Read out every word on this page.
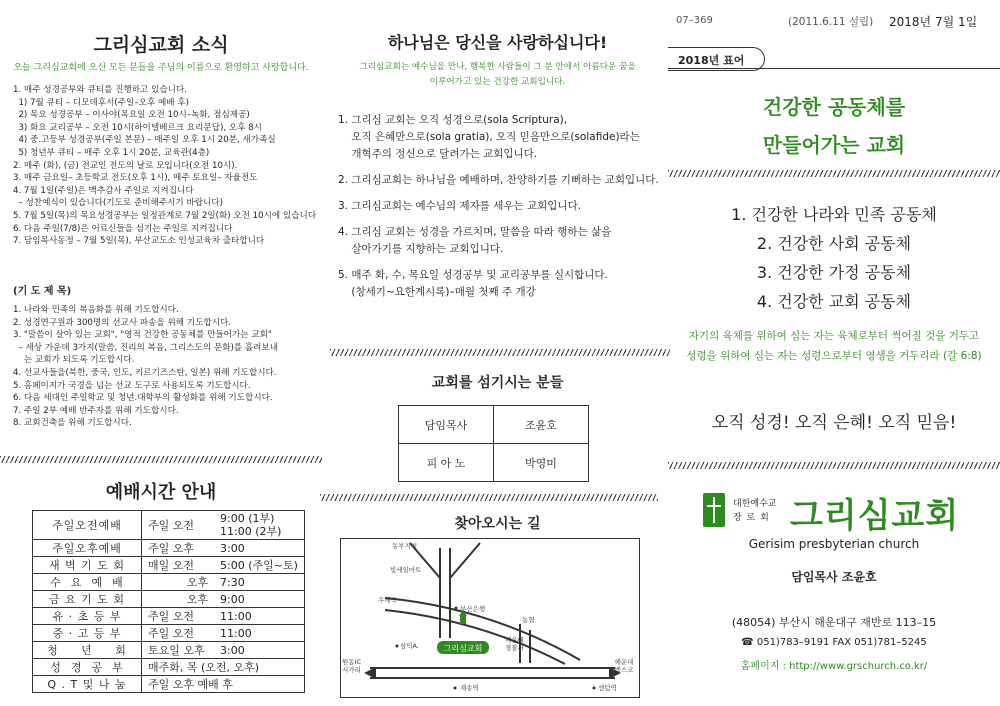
그리심교회 소식
오늘 그리심교회에 오신 모든 분들을 주님의 이름으로 환영하고 사랑합니다.
1. 매주 성경공부와 큐티를 진행하고 있습니다.
1) 7월 큐티 – 디모데후서(주일–오후 예배 후)
2) 목요 성경공부 – 이사야(목요일 오전 10시–녹화, 점심제공)
3) 화요 교리공부 – 오전 10시(하이델베르크 요리문답), 오후 8시
4) 중.고등부 성경공부(주일 본문) – 매주일 오후 1시 20분, 새가족실
5) 청년부 큐티 – 매주 오후 1시 20분, 교육관(4층)
2. 매주 (화), (금) 전교인 전도의 날로 모입니다(오전 10시).
3. 매주 금요일– 초등학교 전도(오후 1시), 매주 토요일– 자율전도
4. 7월 1일(주일)은 맥추감사 주일로 지켜집니다
– 성찬예식이 있습니다(기도로 준비해주시기 바랍니다)
5. 7월 5일(목)의 목요성경공부는 일정관계로 7월 2일(화) 오전 10시에 있습니다
6. 다음 주일(7/8)은 어료신들을 섬기는 주일로 지켜집니다
7. 담임목사동정 – 7월 5일(목), 부산교도소 인성교육차 출타합니다
(기 도 제 목)
1. 나라와 민족의 복음화를 위해 기도합시다.
2. 성경연구원과 300명의 선교사 파송을 위해 기도합시다.
3. "말씀이 살아 있는 교회", "영적 건강한 공동체를 만들어가는 교회"
– 세상 가운데 3가지(말씀, 진리의 복음, 그리스도의 문화)를 흘려보내
는 교회가 되도록 기도합시다.
4. 선교사들을(북한, 중국, 인도, 키르기즈스탄, 일본) 위해 기도합시다.
5. 홈페이지가 국경을 넘는 선교 도구로 사용되도록 기도합시다.
6. 다음 세대인 주일학교 및 청년.대학부의 활성화를 위해 기도합시다.
7. 주일 2부 예배 반주자를 위해 기도합시다.
8. 교회건축을 위해 기도합시다.
예배시간 안내
주일오전예배	주일 오전	9:00 (1부)
11:00 (2부)

주일오후예배	주일 오후	3:00

새 벽 기 도 회	매일 오전	5:00 (주일~토)

수  요  예  배	오후	7:30

금 요 기 도 회	오후	9:00

유 · 초 등 부	주일 오전	11:00

중 · 고 등 부	주일 오전	11:00

청     년     회	토요일 오후	3:00

성  경  공  부	매주화, 목 (오전, 오후)	
Q . T 및 나 눔	주일 오후 예배 후	
하나님은 당신을 사랑하십니다!
그리심교회는 예수님을 만나, 행복한 사람들이 그 분 안에서 아름다운 꿈을
이루어가고 있는 건강한 교회입니다.
1. 그리심 교회는 오직 성경으로(sola Scriptura),
오직 은혜만으로(sola gratia), 오직 믿음만으로(solafide)라는
개혁주의 정신으로 달려가는 교회입니다.
2. 그리심교회는 하나님을 예배하며, 찬양하기를 기뻐하는 교회입니다.
3. 그리심교회는 예수님의 제자를 세우는 교회입니다.
4. 그리심 교회는 성경을 가르치며, 말씀을 따라 행하는 삶을
살아가기를 지향하는 교회입니다.
5. 매주 화, 수, 목요일 성경공부 및 교리공부를 실시합니다.
(창세기~요한계시록)–매월 첫째 주 개강
교회를 섬기시는 분들
담임목사	조윤호
피 아 노	박영미
찾아오시는 길
그리심교회
동부지청
빛세일마트
우체국
부산은행
농협
해운대
경찰서
삼익A.
원동IC
시가리
해운대
벡스코
재송역	센텀역
07–369	(2011.6.11 설립) 2018년 7월 1일
2018년 표어
건강한 공동체를
만들어가는 교회
1. 건강한 나라와 민족 공동체
2. 건강한 사회 공동체
3. 건강한 가정 공동체
4. 건강한 교회 공동체
자기의 육체를 위하여 심는 자는 육체로부터 썩어질 것을 거두고
성령을 위하여 심는 자는 성령으로부터 영생을 거두리라 (갈 6:8)
오직 성경! 오직 은혜! 오직 믿음!
대한예수교
장 로 회 그리심교회
Gerisim presbyterian church
담임목사 조윤호
(48054) 부산시 해운대구 재반로 113–15
☎ 051)783–9191 FAX 051)781–5245
홈페이지 : http://www.grschurch.co.kr/
